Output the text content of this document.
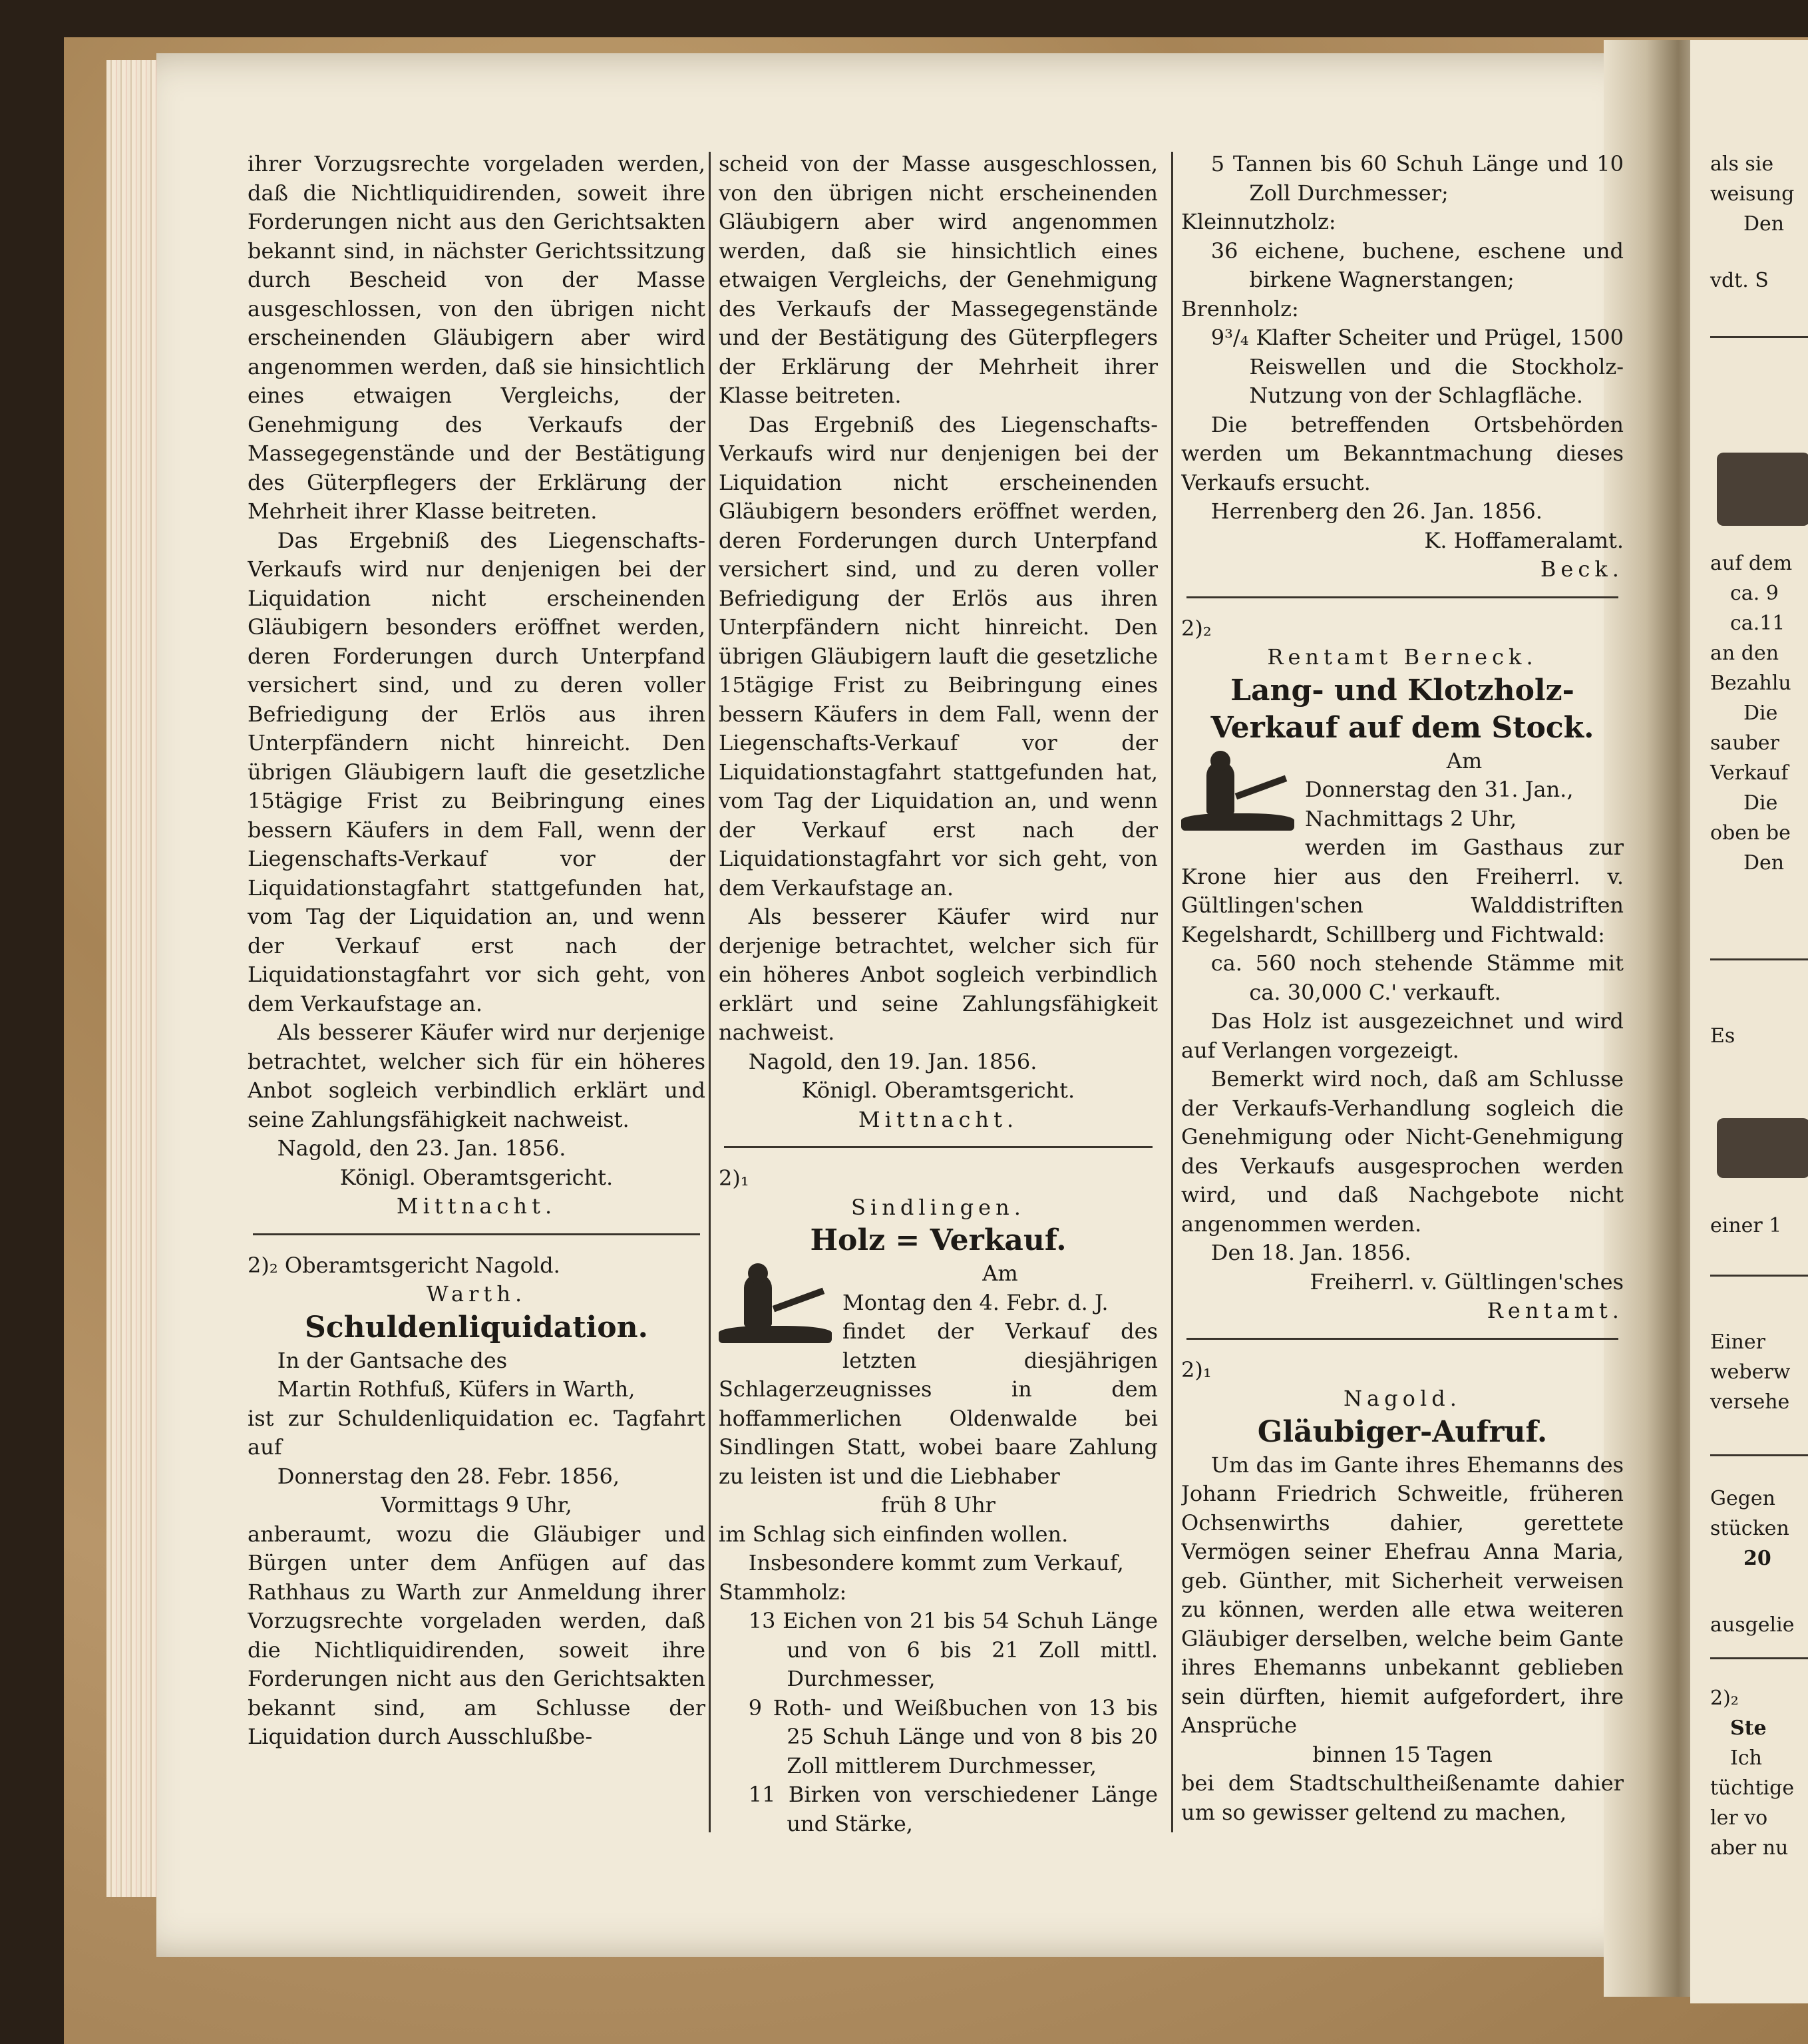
ihrer Vorzugsrechte vorgeladen werden, daß die Nichtliquidirenden, soweit ihre Forderungen nicht aus den Gerichtsakten bekannt sind, in nächster Gerichtssitzung durch Bescheid von der Masse ausgeschlossen, von den übrigen nicht erscheinenden Gläubigern aber wird angenommen werden, daß sie hinsichtlich eines etwaigen Vergleichs, der Genehmigung des Verkaufs der Massegegenstände und der Bestätigung des Güterpflegers der Erklärung der Mehrheit ihrer Klasse beitreten.

Das Ergebniß des Liegenschafts-Verkaufs wird nur denjenigen bei der Liquidation nicht erscheinenden Gläubigern besonders eröffnet werden, deren Forderungen durch Unterpfand versichert sind, und zu deren voller Befriedigung der Erlös aus ihren Unterpfändern nicht hinreicht. Den übrigen Gläubigern lauft die gesetzliche 15tägige Frist zu Beibringung eines bessern Käufers in dem Fall, wenn der Liegenschafts-Verkauf vor der Liquidationstagfahrt stattgefunden hat, vom Tag der Liquidation an, und wenn der Verkauf erst nach der Liquidationstagfahrt vor sich geht, von dem Verkaufstage an.

Als besserer Käufer wird nur derjenige betrachtet, welcher sich für ein höheres Anbot sogleich verbindlich erklärt und seine Zahlungsfähigkeit nachweist.

Nagold, den 23. Jan. 1856.

Königl. Oberamtsgericht.

Mittnacht.

2)₂ Oberamtsgericht Nagold.

Warth.

Schuldenliquidation.

In der Gantsache des

Martin Rothfuß, Küfers in Warth,

ist zur Schuldenliquidation ec. Tagfahrt auf

Donnerstag den 28. Febr. 1856,

Vormittags 9 Uhr,

anberaumt, wozu die Gläubiger und Bürgen unter dem Anfügen auf das Rathhaus zu Warth zur Anmeldung ihrer Vorzugsrechte vorgeladen werden, daß die Nichtliquidirenden, soweit ihre Forderungen nicht aus den Gerichtsakten bekannt sind, am Schlusse der Liquidation durch Ausschlußbe-

scheid von der Masse ausgeschlossen, von den übrigen nicht erscheinenden Gläubigern aber wird angenommen werden, daß sie hinsichtlich eines etwaigen Vergleichs, der Genehmigung des Verkaufs der Massegegenstände und der Bestätigung des Güterpflegers der Erklärung der Mehrheit ihrer Klasse beitreten.

Das Ergebniß des Liegenschafts-Verkaufs wird nur denjenigen bei der Liquidation nicht erscheinenden Gläubigern besonders eröffnet werden, deren Forderungen durch Unterpfand versichert sind, und zu deren voller Befriedigung der Erlös aus ihren Unterpfändern nicht hinreicht. Den übrigen Gläubigern lauft die gesetzliche 15tägige Frist zu Beibringung eines bessern Käufers in dem Fall, wenn der Liegenschafts-Verkauf vor der Liquidationstagfahrt stattgefunden hat, vom Tag der Liquidation an, und wenn der Verkauf erst nach der Liquidationstagfahrt vor sich geht, von dem Verkaufstage an.

Als besserer Käufer wird nur derjenige betrachtet, welcher sich für ein höheres Anbot sogleich verbindlich erklärt und seine Zahlungsfähigkeit nachweist.

Nagold, den 19. Jan. 1856.

Königl. Oberamtsgericht.

Mittnacht.

2)₁

Sindlingen.

Holz = Verkauf.

Am

Montag den 4. Febr. d. J.

findet der Verkauf des letzten diesjährigen Schlagerzeugnisses in dem hoffammerlichen Oldenwalde bei Sindlingen Statt, wobei baare Zahlung zu leisten ist und die Liebhaber

früh 8 Uhr

im Schlag sich einfinden wollen.

Insbesondere kommt zum Verkauf,

Stammholz:

13 Eichen von 21 bis 54 Schuh Länge und von 6 bis 21 Zoll mittl. Durchmesser,

9 Roth- und Weißbuchen von 13 bis 25 Schuh Länge und von 8 bis 20 Zoll mittlerem Durchmesser,

11 Birken von verschiedener Länge und Stärke,

5 Tannen bis 60 Schuh Länge und 10 Zoll Durchmesser;

Kleinnutzholz:

36 eichene, buchene, eschene und birkene Wagnerstangen;

Brennholz:

9³/₄ Klafter Scheiter und Prügel, 1500 Reiswellen und die Stockholz-Nutzung von der Schlagfläche.

Die betreffenden Ortsbehörden werden um Bekanntmachung dieses Verkaufs ersucht.

Herrenberg den 26. Jan. 1856.

K. Hoffameralamt.

Beck.

2)₂

Rentamt Berneck.

Lang- und Klotzholz-Verkauf auf dem Stock.

Am

Donnerstag den 31. Jan.,

Nachmittags 2 Uhr,

werden im Gasthaus zur Krone hier aus den Freiherrl. v. Gültlingen'schen Walddistriften Kegelshardt, Schillberg und Fichtwald:

ca. 560 noch stehende Stämme mit ca. 30,000 C.' verkauft.

Das Holz ist ausgezeichnet und wird auf Verlangen vorgezeigt.

Bemerkt wird noch, daß am Schlusse der Verkaufs-Verhandlung sogleich die Genehmigung oder Nicht-Genehmigung des Verkaufs ausgesprochen werden wird, und daß Nachgebote nicht angenommen werden.

Den 18. Jan. 1856.

Freiherrl. v. Gültlingen'sches

Rentamt.

2)₁

Nagold.

Gläubiger-Aufruf.

Um das im Gante ihres Ehemanns des Johann Friedrich Schweitle, früheren Ochsenwirths dahier, gerettete Vermögen seiner Ehefrau Anna Maria, geb. Günther, mit Sicherheit verweisen zu können, werden alle etwa weiteren Gläubiger derselben, welche beim Gante ihres Ehemanns unbekannt geblieben sein dürften, hiemit aufgefordert, ihre Ansprüche

binnen 15 Tagen

bei dem Stadtschultheißenamte dahier um so gewisser geltend zu machen,

als sie
weisung
Den
vdt. S
auf dem
ca. 9
ca.11
an den
Bezahlu
Die
sauber
Verkauf
Die
oben be
Den
Es
einer 1
Einer
weberw
versehe
Gegen
stücken
20
ausgelie
2)₂
Ste
Ich
tüchtige
ler vo
aber nu
